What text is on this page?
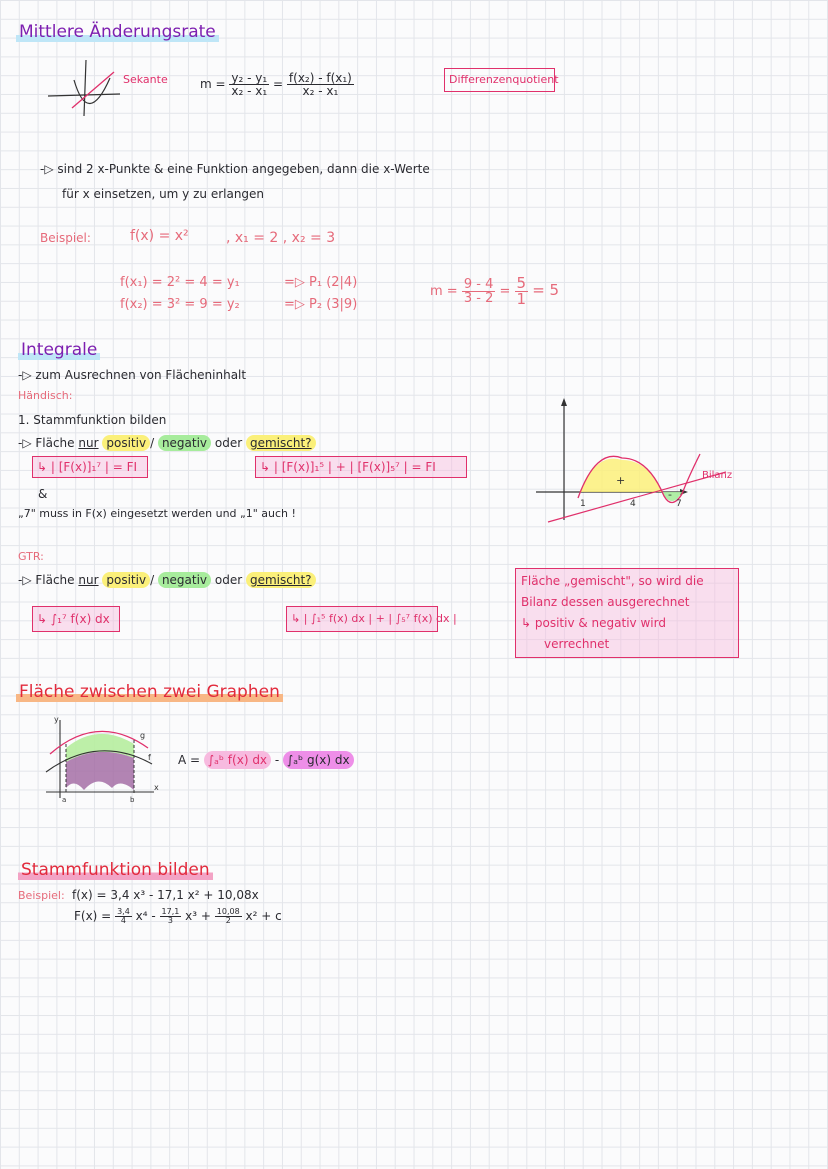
Mittlere Änderungsrate
Sekante	$m = \frac{\text{y₂ - y₁}}{\text{x₂ - x₁}} = \frac{\text{f(x₂) - f(x₁)}}{\text{x₂ - x₁}}$	Differenzenquotient
-▷ sind 2 x-Punkte & eine Funktion angegeben, dann die x-Werte
für x einsetzen, um y zu erlangen
Beispiel:	f(x) = x²	, x₁ = 2 , x₂ = 3
f(x₁) = 2² = 4 = y₁
f(x₂) = 3² = 9 = y₂
=▷ P₁ (2|4)
=▷ P₂ (3|9)
$m = \frac{9 - 4}{3 - 2} = \frac{5}{1} = 5$
Integrale
-▷ zum Ausrechnen von Flächeninhalt
Händisch:
1. Stammfunktion bilden
-▷ Fläche nur positiv / negativ oder gemischt?
↳ | [F(x)]₁⁷ | = FI	↳ | [F(x)]₁⁵ | + | [F(x)]₅⁷ | = FI
&
„7" muss in F(x) eingesetzt werden und „1" auch !
1	4	7
+
-
Bilanz
GTR:
-▷ Fläche nur positiv / negativ oder gemischt?
↳ ∫₁⁷ f(x) dx	↳ | ∫₁⁵ f(x) dx | + | ∫₅⁷ f(x) dx |
Fläche „gemischt", so wird die
Bilanz dessen ausgerechnet
↳ positiv & negativ wird
verrechnet
Fläche zwischen zwei Graphen
y
x
g
f
a	b
A = ∫ₐᵇ f(x) dx - ∫ₐᵇ g(x) dx
Stammfunktion bilden
Beispiel: f(x) = 3,4 x³ - 17,1 x² + 10,08x
$F(x) = \frac{3,4}{4} x^4 - \frac{17,1}{3} x^3 + \frac{10,08}{2} x^2 + c$
